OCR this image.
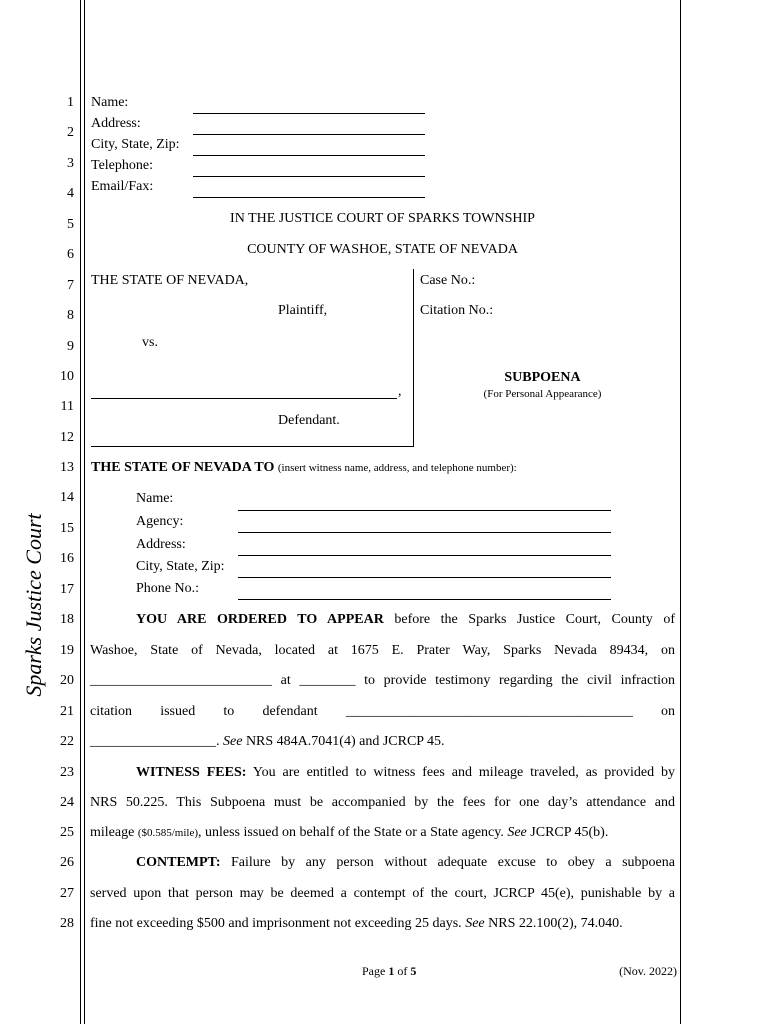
Sparks Justice Court
1
2
3
4
5
6
7
8
9
10
11
12
13
14
15
16
17
18
19
20
21
22
23
24
25
26
27
28
Name:
Address:
City, State, Zip:
Telephone:
Email/Fax:
IN THE JUSTICE COURT OF SPARKS TOWNSHIP
COUNTY OF WASHOE, STATE OF NEVADA
THE STATE OF NEVADA,
Plaintiff,
vs.
,
Defendant.
Case No.:
Citation No.:
SUBPOENA
(For Personal Appearance)
THE STATE OF NEVADA TO (insert witness name, address, and telephone number):
Name:
Agency:
Address:
City, State, Zip:
Phone No.:
YOU ARE ORDERED TO APPEAR before the Sparks Justice Court, County of
Washoe, State of Nevada, located at 1675 E. Prater Way, Sparks Nevada 89434, on
__________________________ at ________ to provide testimony regarding the civil infraction
citation issued to defendant _________________________________________ on
__________________. See NRS 484A.7041(4) and JCRCP 45.
WITNESS FEES: You are entitled to witness fees and mileage traveled, as provided by
NRS 50.225. This Subpoena must be accompanied by the fees for one day’s attendance and
mileage ($0.585/mile), unless issued on behalf of the State or a State agency. See JCRCP 45(b).
CONTEMPT: Failure by any person without adequate excuse to obey a subpoena
served upon that person may be deemed a contempt of the court, JCRCP 45(e), punishable by a
fine not exceeding $500 and imprisonment not exceeding 25 days. See NRS 22.100(2), 74.040.
Page 1 of 5	(Nov. 2022)
